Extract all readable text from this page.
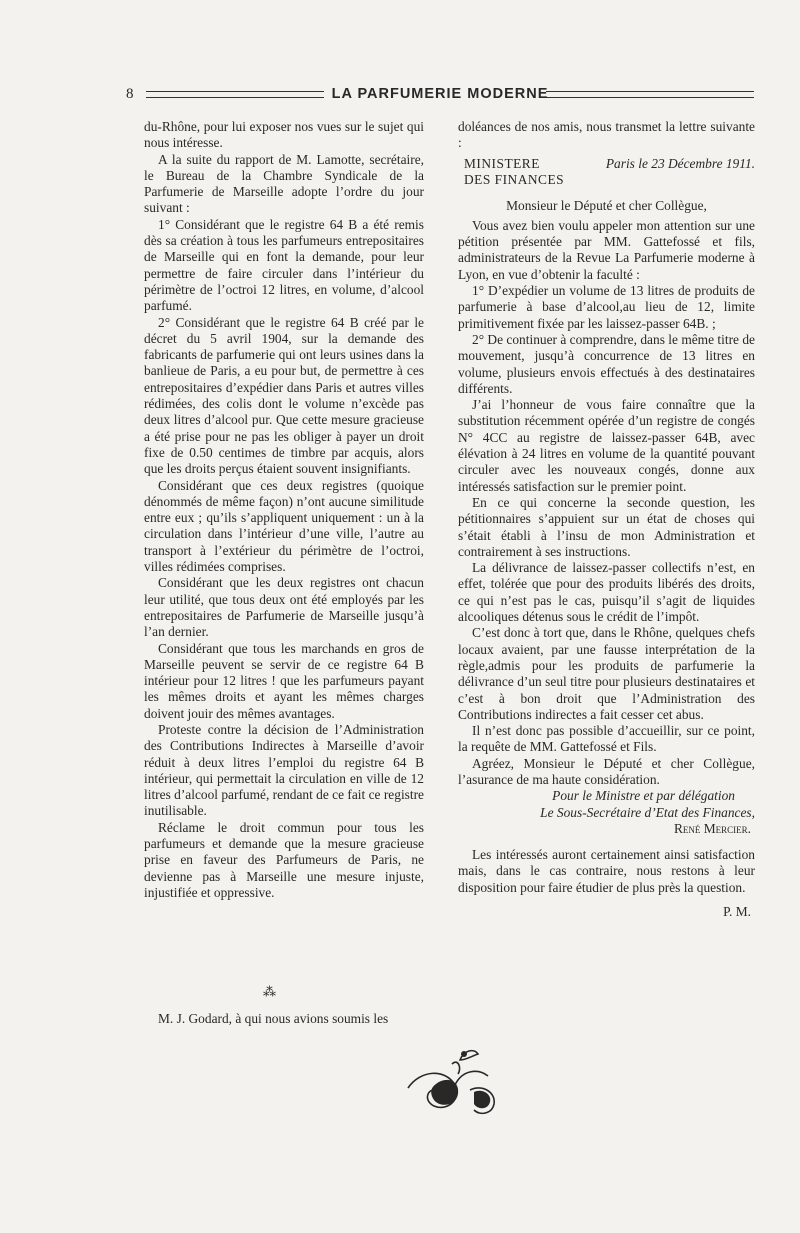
8	LA PARFUMERIE MODERNE

du-Rhône, pour lui exposer nos vues sur le sujet qui nous intéresse.

A la suite du rapport de M. Lamotte, secrétaire, le Bureau de la Chambre Syndicale de la Parfumerie de Marseille adopte l’ordre du jour suivant :

1° Considérant que le registre 64 B a été remis dès sa création à tous les parfumeurs entrepositaires de Marseille qui en font la demande, pour leur permettre de faire circuler dans l’intérieur du périmètre de l’octroi 12 litres, en volume, d’alcool parfumé.

2° Considérant que le registre 64 B créé par le décret du 5 avril 1904, sur la demande des fabricants de parfumerie qui ont leurs usines dans la banlieue de Paris, a eu pour but, de permettre à ces entrepositaires d’expédier dans Paris et autres villes rédimées, des colis dont le volume n’excède pas deux litres d’alcool pur. Que cette mesure gracieuse a été prise pour ne pas les obliger à payer un droit fixe de 0.50 centimes de timbre par acquis, alors que les droits perçus étaient souvent insignifiants.

Considérant que ces deux registres (quoique dénommés de même façon) n’ont aucune similitude entre eux ; qu’ils s’appliquent uniquement : un à la circulation dans l’intérieur d’une ville, l’autre au transport à l’extérieur du périmètre de l’octroi, villes rédimées comprises.

Considérant que les deux registres ont chacun leur utilité, que tous deux ont été employés par les entrepositaires de Parfumerie de Marseille jusqu’à l’an dernier.

Considérant que tous les marchands en gros de Marseille peuvent se servir de ce registre 64 B intérieur pour 12 litres ! que les parfumeurs payant les mêmes droits et ayant les mêmes charges doivent jouir des mêmes avantages.

Proteste contre la décision de l’Administration des Contributions Indirectes à Marseille d’avoir réduit à deux litres l’emploi du registre 64 B intérieur, qui permettait la circulation en ville de 12 litres d’alcool parfumé, rendant de ce fait ce registre inutilisable.

Réclame le droit commun pour tous les parfumeurs et demande que la mesure gracieuse prise en faveur des Parfumeurs de Paris, ne devienne pas à Marseille une mesure injuste, injustifiée et oppressive.

⁂

M. J. Godard, à qui nous avions soumis les

doléances de nos amis, nous transmet la lettre suivante :

MINISTERE
DES FINANCES
Paris le 23 Décembre 1911.

Monsieur le Député et cher Collègue,

Vous avez bien voulu appeler mon attention sur une pétition présentée par MM. Gattefossé et fils, administrateurs de la Revue La Parfumerie moderne à Lyon, en vue d’obtenir la faculté :

1° D’expédier un volume de 13 litres de produits de parfumerie à base d’alcool,au lieu de 12, limite primitivement fixée par les laissez-passer 64B. ;

2° De continuer à comprendre, dans le même titre de mouvement, jusqu’à concurrence de 13 litres en volume, plusieurs envois effectués à des destinataires différents.

J’ai l’honneur de vous faire connaître que la substitution récemment opérée d’un registre de congés N° 4CC au registre de laissez-passer 64B, avec élévation à 24 litres en volume de la quantité pouvant circuler avec les nouveaux congés, donne aux intéressés satisfaction sur le premier point.

En ce qui concerne la seconde question, les pétitionnaires s’appuient sur un état de choses qui s’était établi à l’insu de mon Administration et contrairement à ses instructions.

La délivrance de laissez-passer collectifs n’est, en effet, tolérée que pour des produits libérés des droits, ce qui n’est pas le cas, puisqu’il s’agit de liquides alcooliques détenus sous le crédit de l’impôt.

C’est donc à tort que, dans le Rhône, quelques chefs locaux avaient, par une fausse interprétation de la règle,admis pour les produits de parfumerie la délivrance d’un seul titre pour plusieurs destinataires et c’est à bon droit que l’Administration des Contributions indirectes a fait cesser cet abus.

Il n’est donc pas possible d’accueillir, sur ce point, la requête de MM. Gattefossé et Fils.

Agréez, Monsieur le Député et cher Collègue, l’asurance de ma haute considération.

Pour le Ministre et par délégation

Le Sous-Secrétaire d’Etat des Finances,

René Mercier.

Les intéressés auront certainement ainsi satisfaction mais, dans le cas contraire, nous restons à leur disposition pour faire étudier de plus près la question.

P. M.
